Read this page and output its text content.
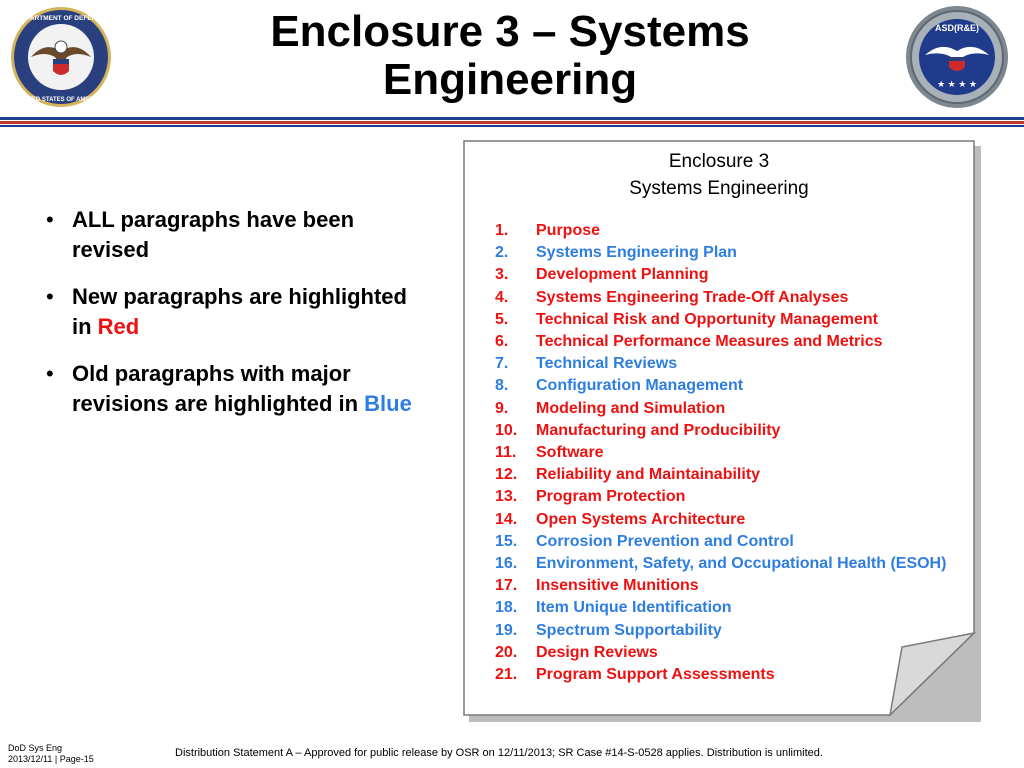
DEPARTMENT OF DEFENSE
UNITED STATES OF AMERICA
ASD(R&E)
★ ★ ★ ★
Enclosure 3 – Systems
Engineering
• ALL paragraphs have been revised
• New paragraphs are highlighted in Red
• Old paragraphs with major revisions are highlighted in Blue
Enclosure 3
Systems Engineering
1. Purpose
2. Systems Engineering Plan
3. Development Planning
4. Systems Engineering Trade-Off Analyses
5. Technical Risk and Opportunity Management
6. Technical Performance Measures and Metrics
7. Technical Reviews
8. Configuration Management
9. Modeling and Simulation
10. Manufacturing and Producibility
11. Software
12. Reliability and Maintainability
13. Program Protection
14. Open Systems Architecture
15. Corrosion Prevention and Control
16. Environment, Safety, and Occupational Health (ESOH)
17. Insensitive Munitions
18. Item Unique Identification
19. Spectrum Supportability
20. Design Reviews
21. Program Support Assessments
DoD Sys Eng
2013/12/11 | Page-15	Distribution Statement A – Approved for public release by OSR on 12/11/2013; SR Case #14-S-0528 applies. Distribution is unlimited.
